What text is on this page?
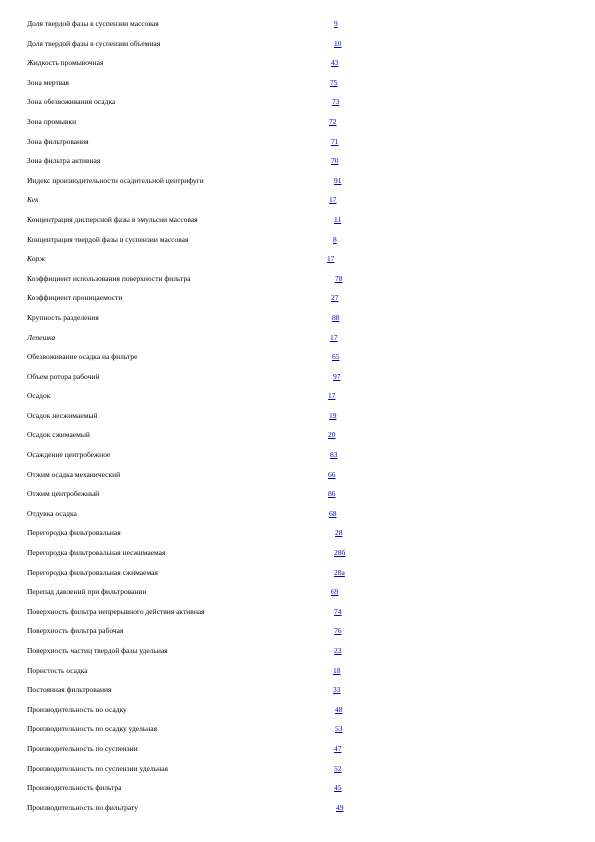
Доля твердой фазы в суспензии массовая	9
Доля твердой фазы в суспензии объемная	10
Жидкость промывочная	43
Зона мертвая	75
Зона обезвоживания осадка	73
Зона промывки	72
Зона фильтрования	71
Зона фильтра активная	70
Индекс производительности осадительной центрифуги	91
Кек	17
Концентрация дисперсной фазы в эмульсии массовая	11
Концентрация твердой фазы в суспензии массовая	8
Корж	17
Коэффициент использования поверхности фильтра	78
Коэффициент проницаемости	27
Крупность разделения	88
Лепешка	17
Обезвоживание осадка на фильтре	65
Объем ротора рабочий	97
Осадок	17
Осадок несжимаемый	19
Осадок сжимаемый	20
Осаждение центробежное	83
Отжим осадка механический	66
Отжим центробежный	86
Отдувка осадка	68
Перегородка фильтровальная	28
Перегородка фильтровальная несжимаемая	28б
Перегородка фильтровальная сжимаемая	28а
Перепад давлений при фильтровании	69
Поверхность фильтра непрерывного действия активная	74
Поверхность фильтра рабочая	76
Поверхность частиц твердой фазы удельная	23
Пористость осадка	18
Постоянная фильтрования	33
Производительность по осадку	48
Производительность по осадку удельная	53
Производительность по суспензии	47
Производительность по суспензии удельная	52
Производительность фильтра	45
Производительность по фильтрату	49
